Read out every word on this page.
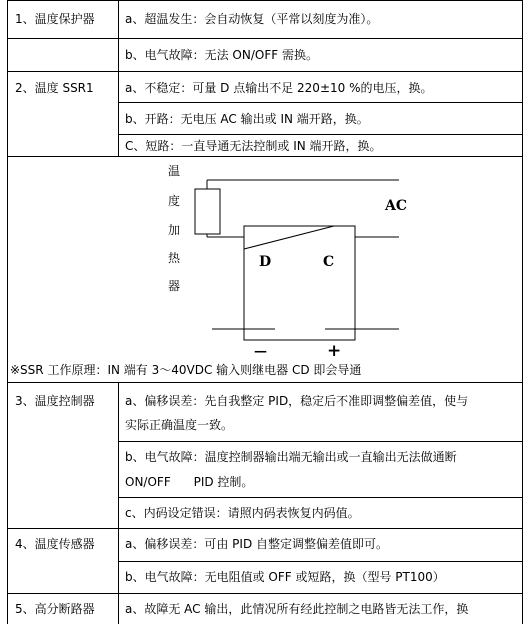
1、温度保护器	a、超温发生：会自动恢复（平常以刻度为准）。
b、电气故障：无法 ON/OFF 需换。
2、温度 SSR1	a、不稳定：可量 D 点输出不足 220±10 %的电压，换。
b、开路：无电压 AC 输出或 IN 端开路，换。
C、短路：一直导通无法控制或 IN 端开路，换。
温
度
加
热
器
AC
D	C
—	+
※SSR 工作原理：IN 端有 3～40VDC 输入则继电器 CD 即会导通
3、温度控制器	a、偏移误差：先自我整定 PID，稳定后不准即调整偏差值，使与
实际正确温度一致。
b、电气故障：温度控制器输出端无输出或一直输出无法做通断
ON/OFF      PID 控制。
c、内码设定错误：请照内码表恢复内码值。
4、温度传感器	a、偏移误差：可由 PID 自整定调整偏差值即可。
b、电气故障：无电阻值或 OFF 或短路，换（型号 PT100）
5、高分断路器	a、故障无 AC 输出，此情况所有经此控制之电路皆无法工作，换
